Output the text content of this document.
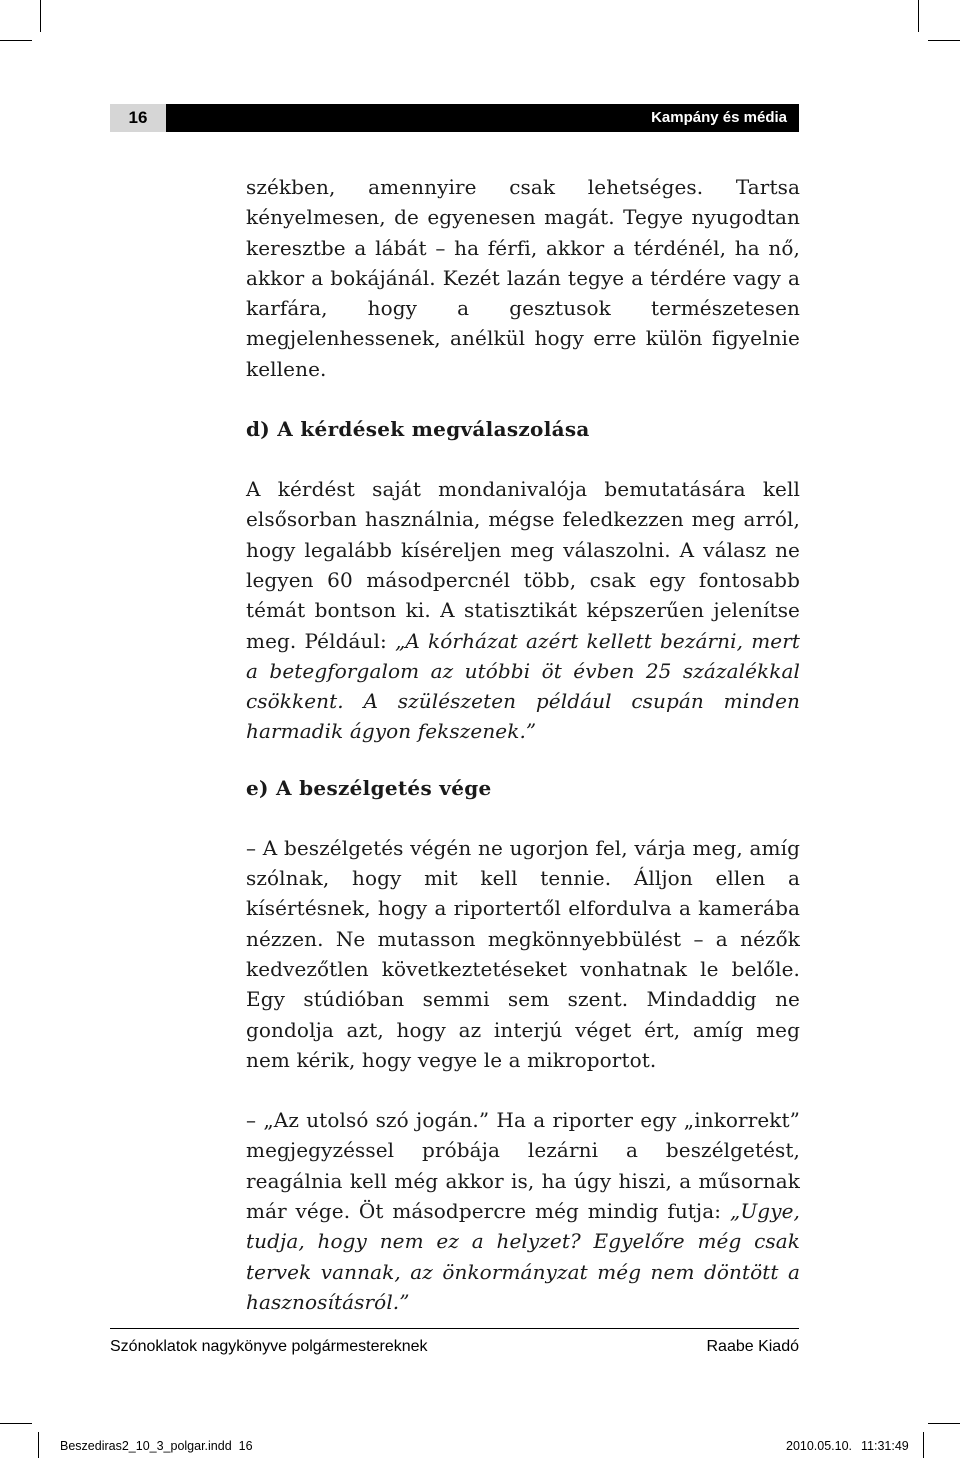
16	Kampány és média

székben, amennyire csak lehetséges. Tartsa kényelmesen, de egyenesen magát. Tegye nyugodtan keresztbe a lábát – ha férfi, akkor a térdénél, ha nő, akkor a bokájánál. Kezét lazán tegye a térdére vagy a karfára, hogy a gesztusok természetesen megjelenhessenek, anélkül hogy erre külön figyelnie kellene.

d) A kérdések megválaszolása

A kérdést saját mondanivalója bemutatására kell elsősorban használnia, mégse feledkezzen meg arról, hogy legalább kíséreljen meg válaszolni. A válasz ne legyen 60 másodpercnél több, csak egy fontosabb témát bontson ki. A statisztikát képszerűen jelenítse meg. Például: „A kórházat azért kellett bezárni, mert a betegforgalom az utóbbi öt évben 25 százalékkal csökkent. A szülészeten például csupán minden harmadik ágyon fekszenek.”

e) A beszélgetés vége

– A beszélgetés végén ne ugorjon fel, várja meg, amíg szólnak, hogy mit kell tennie. Álljon ellen a kísértésnek, hogy a riportertől elfordulva a kamerába nézzen. Ne mutasson megkönnyebbülést – a nézők kedvezőtlen következtetéseket vonhatnak le belőle. Egy stúdióban semmi sem szent. Mindaddig ne gondolja azt, hogy az interjú véget ért, amíg meg nem kérik, hogy vegye le a mikroportot.

– „Az utolsó szó jogán.” Ha a riporter egy „inkorrekt” megjegyzéssel próbája lezárni a beszélgetést, reagálnia kell még akkor is, ha úgy hiszi, a műsornak már vége. Öt másodpercre még mindig futja: „Ugye, tudja, hogy nem ez a helyzet? Egyelőre még csak tervek vannak, az önkormányzat még nem döntött a hasznosításról.”

Szónoklatok nagykönyve polgármestereknek	Raabe Kiadó
Beszediras2_10_3_polgar.indd 16	2010.05.10. 11:31:49
